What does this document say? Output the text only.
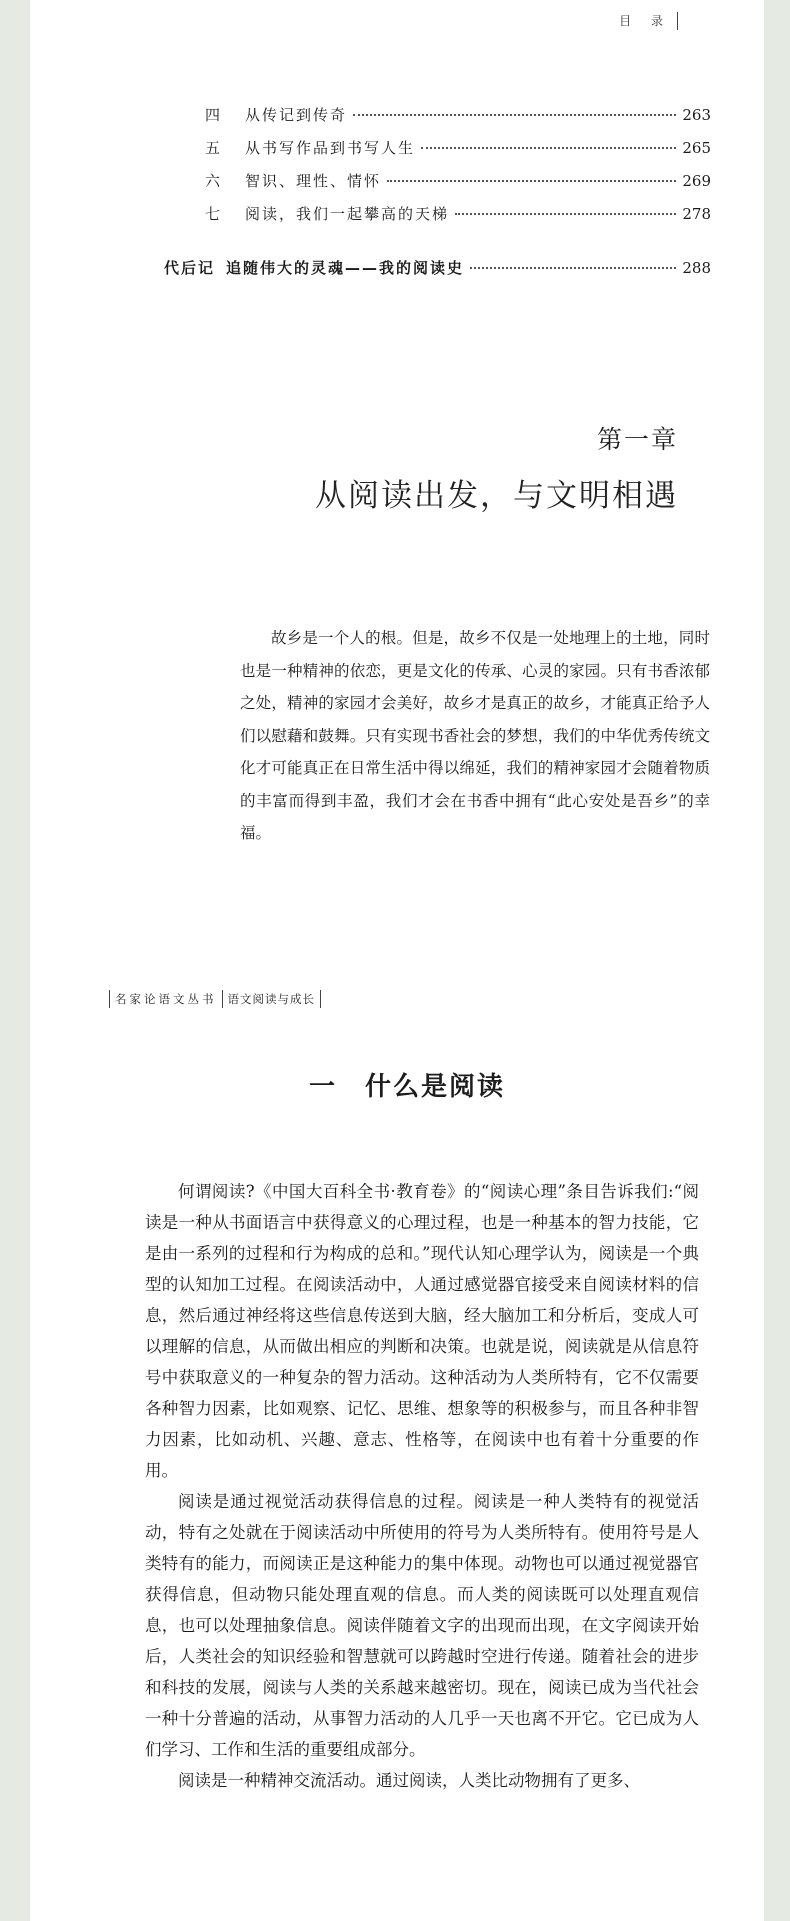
目 录
四	从传记到传奇	263
五	从书写作品到书写人生	265
六	智识、理性、情怀	269
七	阅读，我们一起攀高的天梯	278
代后记 追随伟大的灵魂——我的阅读史	288
第一章
从阅读出发，与文明相遇

故乡是一个人的根。但是，故乡不仅是一处地理上的土地，同时也是一种精神的依恋，更是文化的传承、心灵的家园。只有书香浓郁之处，精神的家园才会美好，故乡才是真正的故乡，才能真正给予人们以慰藉和鼓舞。只有实现书香社会的梦想，我们的中华优秀传统文化才可能真正在日常生活中得以绵延，我们的精神家园才会随着物质的丰富而得到丰盈，我们才会在书香中拥有“此心安处是吾乡”的幸福。

名家论语文丛书 语文阅读与成长
一　什么是阅读

何谓阅读?《中国大百科全书·教育卷》的“阅读心理”条目告诉我们:“阅读是一种从书面语言中获得意义的心理过程，也是一种基本的智力技能，它是由一系列的过程和行为构成的总和。”现代认知心理学认为，阅读是一个典型的认知加工过程。在阅读活动中，人通过感觉器官接受来自阅读材料的信息，然后通过神经将这些信息传送到大脑，经大脑加工和分析后，变成人可以理解的信息，从而做出相应的判断和决策。也就是说，阅读就是从信息符号中获取意义的一种复杂的智力活动。这种活动为人类所特有，它不仅需要各种智力因素，比如观察、记忆、思维、想象等的积极参与，而且各种非智力因素，比如动机、兴趣、意志、性格等，在阅读中也有着十分重要的作用。

阅读是通过视觉活动获得信息的过程。阅读是一种人类特有的视觉活动，特有之处就在于阅读活动中所使用的符号为人类所特有。使用符号是人类特有的能力，而阅读正是这种能力的集中体现。动物也可以通过视觉器官获得信息，但动物只能处理直观的信息。而人类的阅读既可以处理直观信息，也可以处理抽象信息。阅读伴随着文字的出现而出现，在文字阅读开始后，人类社会的知识经验和智慧就可以跨越时空进行传递。随着社会的进步和科技的发展，阅读与人类的关系越来越密切。现在，阅读已成为当代社会一种十分普遍的活动，从事智力活动的人几乎一天也离不开它。它已成为人们学习、工作和生活的重要组成部分。

阅读是一种精神交流活动。通过阅读，人类比动物拥有了更多、
